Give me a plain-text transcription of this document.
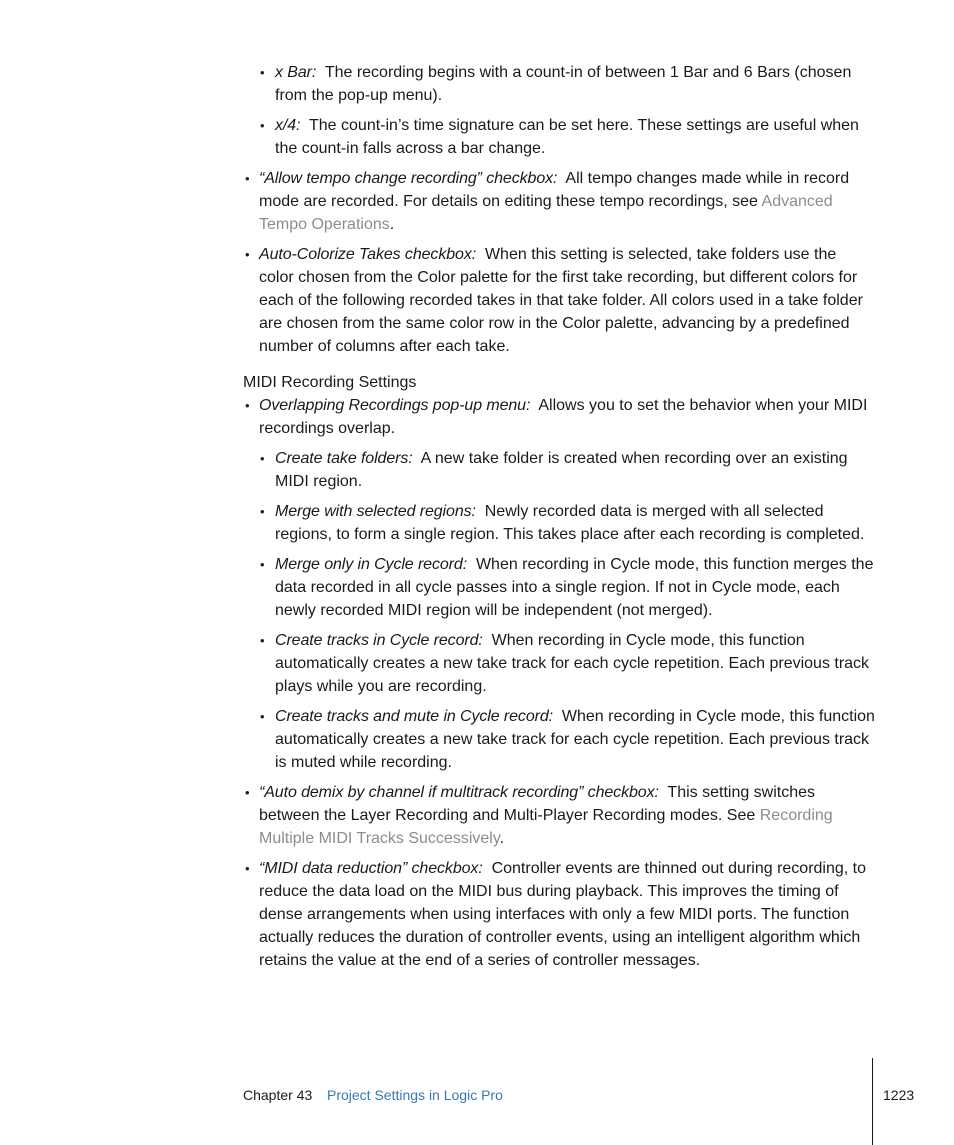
• x Bar: The recording begins with a count-in of between 1 Bar and 6 Bars (chosen from the pop-up menu).

• x/4: The count-in’s time signature can be set here. These settings are useful when the count-in falls across a bar change.

• “Allow tempo change recording” checkbox: All tempo changes made while in record mode are recorded. For details on editing these tempo recordings, see Advanced Tempo Operations.

• Auto-Colorize Takes checkbox: When this setting is selected, take folders use the color chosen from the Color palette for the first take recording, but different colors for each of the following recorded takes in that take folder. All colors used in a take folder are chosen from the same color row in the Color palette, advancing by a predefined number of columns after each take.

MIDI Recording Settings

• Overlapping Recordings pop-up menu: Allows you to set the behavior when your MIDI recordings overlap.

• Create take folders: A new take folder is created when recording over an existing MIDI region.

• Merge with selected regions: Newly recorded data is merged with all selected regions, to form a single region. This takes place after each recording is completed.

• Merge only in Cycle record: When recording in Cycle mode, this function merges the data recorded in all cycle passes into a single region. If not in Cycle mode, each newly recorded MIDI region will be independent (not merged).

• Create tracks in Cycle record: When recording in Cycle mode, this function automatically creates a new take track for each cycle repetition. Each previous track plays while you are recording.

• Create tracks and mute in Cycle record: When recording in Cycle mode, this function automatically creates a new take track for each cycle repetition. Each previous track is muted while recording.

• “Auto demix by channel if multitrack recording” checkbox: This setting switches between the Layer Recording and Multi-Player Recording modes. See Recording Multiple MIDI Tracks Successively.

• “MIDI data reduction” checkbox: Controller events are thinned out during recording, to reduce the data load on the MIDI bus during playback. This improves the timing of dense arrangements when using interfaces with only a few MIDI ports. The function actually reduces the duration of controller events, using an intelligent algorithm which retains the value at the end of a series of controller messages.

Chapter 43 Project Settings in Logic Pro	1223
